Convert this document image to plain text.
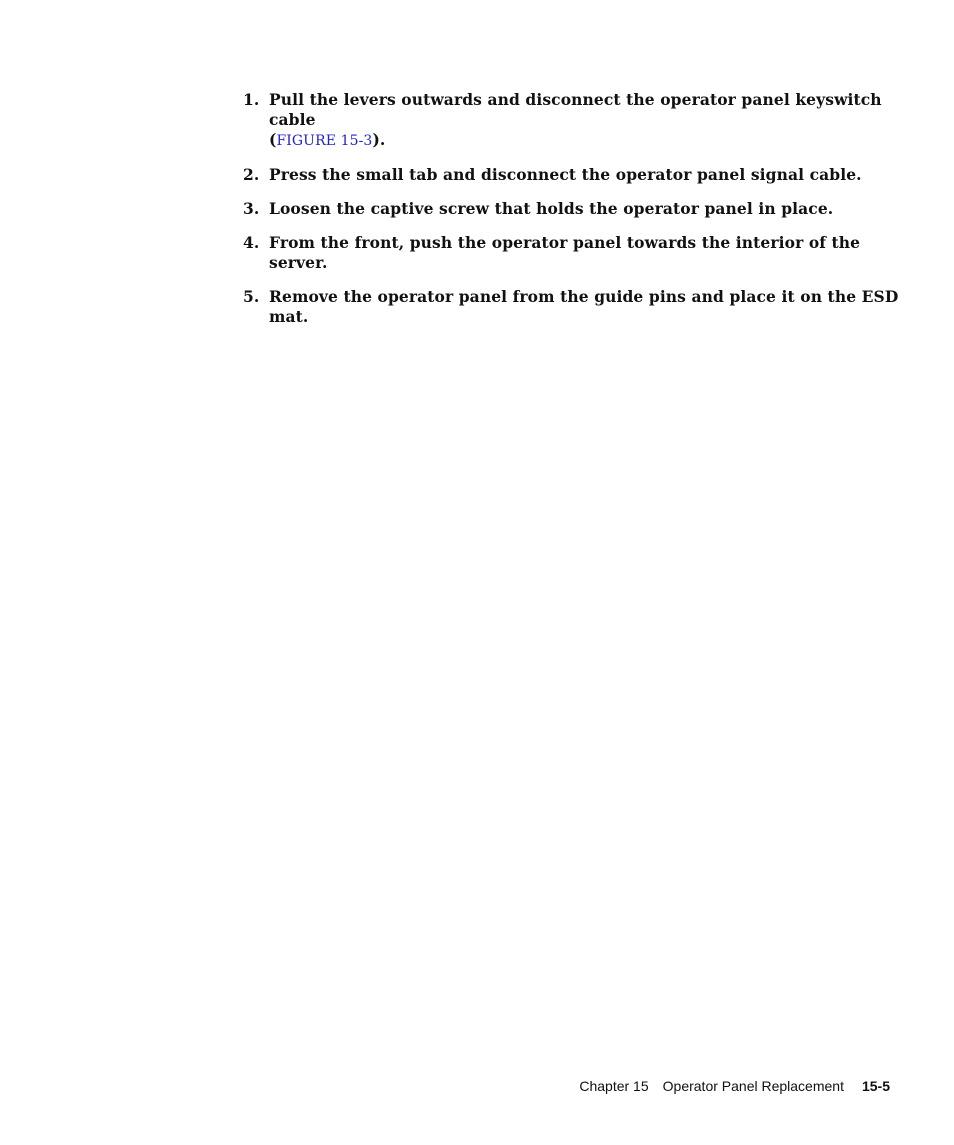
1. Pull the levers outwards and disconnect the operator panel keyswitch cable
(FIGURE 15-3).
2. Press the small tab and disconnect the operator panel signal cable.
3. Loosen the captive screw that holds the operator panel in place.
4. From the front, push the operator panel towards the interior of the server.
5. Remove the operator panel from the guide pins and place it on the ESD mat.
Chapter 15 Operator Panel Replacement 15-5
